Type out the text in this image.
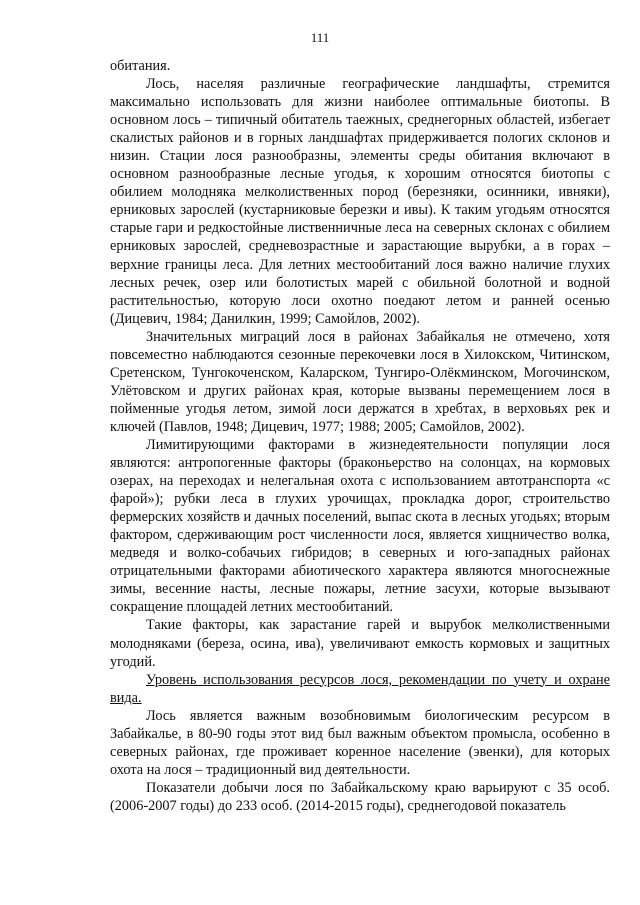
111

обитания.

Лось, населяя различные географические ландшафты, стремится максимально использовать для жизни наиболее оптимальные биотопы. В основном лось – типичный обитатель таежных, среднегорных областей, избегает скалистых районов и в горных ландшафтах придерживается пологих склонов и низин. Стации лося разнообразны, элементы среды обитания включают в основном разнообразные лесные угодья, к хорошим относятся биотопы с обилием молодняка мелколиственных пород (березняки, осинники, ивняки), ерниковых зарослей (кустарниковые березки и ивы). К таким угодьям относятся старые гари и редкостойные лиственничные леса на северных склонах с обилием ерниковых зарослей, средневозрастные и зарастающие вырубки, а в горах – верхние границы леса. Для летних местообитаний лося важно наличие глухих лесных речек, озер или болотистых марей с обильной болотной и водной растительностью, которую лоси охотно поедают летом и ранней осенью (Дицевич, 1984; Данилкин, 1999; Самойлов, 2002).

Значительных миграций лося в районах Забайкалья не отмечено, хотя повсеместно наблюдаются сезонные перекочевки лося в Хилокском, Читинском, Сретенском, Тунгокоченском, Каларском, Тунгиро-Олёкминском, Могочинском, Улётовском и других районах края, которые вызваны перемещением лося в пойменные угодья летом, зимой лоси держатся в хребтах, в верховьях рек и ключей (Павлов, 1948; Дицевич, 1977; 1988; 2005; Самойлов, 2002).

Лимитирующими факторами в жизнедеятельности популяции лося являются: антропогенные факторы (браконьерство на солонцах, на кормовых озерах, на переходах и нелегальная охота с использованием автотранспорта «с фарой»); рубки леса в глухих урочищах, прокладка дорог, строительство фермерских хозяйств и дачных поселений, выпас скота в лесных угодьях; вторым фактором, сдерживающим рост численности лося, является хищничество волка, медведя и волко-собачьих гибридов; в северных и юго-западных районах отрицательными факторами абиотического характера являются многоснежные зимы, весенние насты, лесные пожары, летние засухи, которые вызывают сокращение площадей летних местообитаний.

Такие факторы, как зарастание гарей и вырубок мелколиственными молодняками (береза, осина, ива), увеличивают емкость кормовых и защитных угодий.

Уровень использования ресурсов лося, рекомендации по учету и охране вида.

Лось является важным возобновимым биологическим ресурсом в Забайкалье, в 80-90 годы этот вид был важным объектом промысла, особенно в северных районах, где проживает коренное население (эвенки), для которых охота на лося – традиционный вид деятельности.

Показатели добычи лося по Забайкальскому краю варьируют с 35 особ. (2006-2007 годы) до 233 особ. (2014-2015 годы), среднегодовой показатель
